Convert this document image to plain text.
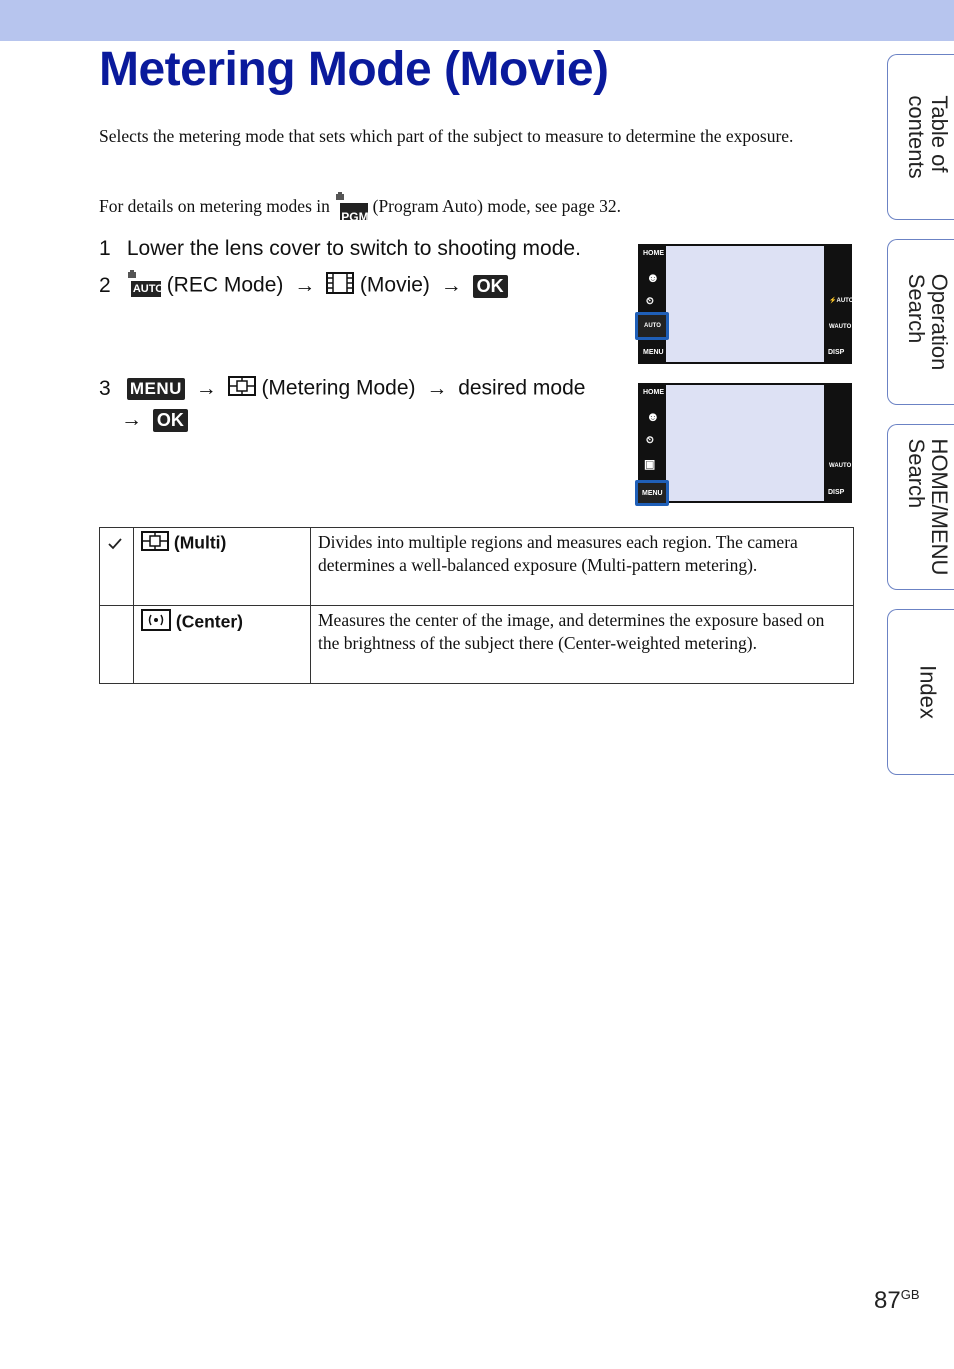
Metering Mode (Movie)

Selects the metering mode that sets which part of the subject to measure to determine the exposure.

For details on metering modes in
PGM
(Program Auto) mode, see page 32.

1 Lower the lens cover to switch to shooting mode.
2 AUTO (REC Mode) → (Movie) → OK
3 MENU → (Metering Mode) → desired mode
→ OK
HOME
☻
⏲
AUTO
MENU
⚡AUTO
WAUTO
DISP
HOME
☻
⏲
▣
MENU
WAUTO
DISP
	(Multi)	Divides into multiple regions and measures each region. The camera determines a well-balanced exposure (Multi-pattern metering).
	(Center)	Measures the center of the image, and determines the exposure based on the brightness of the subject there (Center-weighted metering).
Table of
contents
Operation
Search
HOME/MENU
Search
Index
$87^{GB}$
